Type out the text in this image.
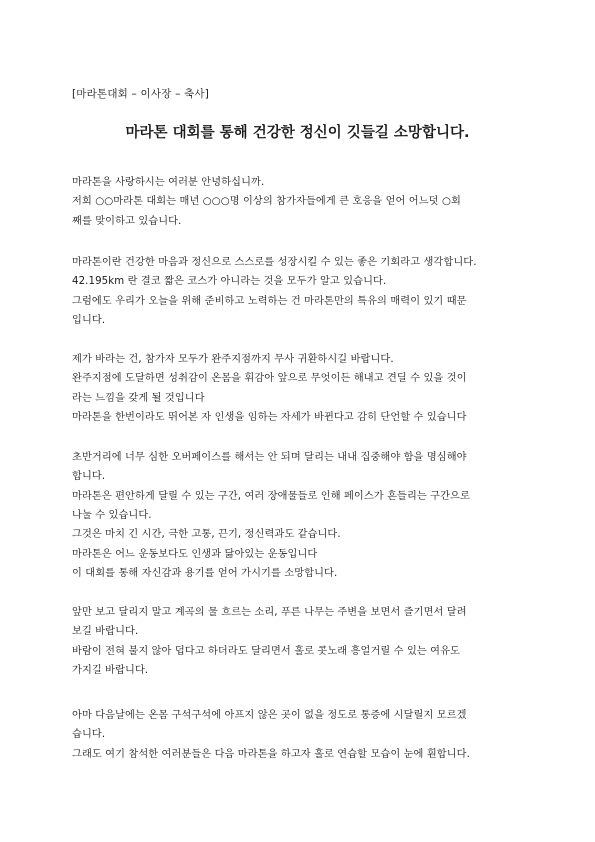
[마라톤대회 – 이사장 – 축사]
마라톤 대회를 통해 건강한 정신이 깃들길 소망합니다.
마라톤을 사랑하시는 여러분 안녕하십니까.
저희 ○○마라톤 대회는 매년 ○○○명 이상의 참가자들에게 큰 호응을 얻어 어느덧 ○회
째를 맞이하고 있습니다.
마라톤이란 건강한 마음과 정신으로 스스로를 성장시킬 수 있는 좋은 기회라고 생각합니다.
42.195km 란 결코 짧은 코스가 아니라는 것을 모두가 알고 있습니다.
그럼에도 우리가 오늘을 위해 준비하고 노력하는 건 마라톤만의 특유의 매력이 있기 때문
입니다.
제가 바라는 건, 참가자 모두가 완주지점까지 무사 귀환하시길 바랍니다.
완주지점에 도달하면 성취감이 온몸을 휘감아 앞으로 무엇이든 해내고 견딜 수 있을 것이
라는 느낌을 갖게 될 것입니다
마라톤을 한번이라도 뛰어본 자 인생을 임하는 자세가 바뀐다고 감히 단언할 수 있습니다
초반거리에 너무 심한 오버페이스를 해서는 안 되며 달리는 내내 집중해야 함을 명심해야
합니다.
마라톤은 편안하게 달릴 수 있는 구간, 여러 장애물들로 인해 페이스가 흔들리는 구간으로
나눌 수 있습니다.
그것은 마치 긴 시간, 극한 고통, 끈기, 정신력과도 같습니다.
마라톤은 어느 운동보다도 인생과 닮아있는 운동입니다
이 대회를 통해 자신감과 용기를 얻어 가시기를 소망합니다.
앞만 보고 달리지 말고 계곡의 물 흐르는 소리, 푸른 나무는 주변을 보면서 즐기면서 달려
보길 바랍니다.
바람이 전혀 불지 않아 덥다고 하더라도 달리면서 홀로 콧노래 흥얼거릴 수 있는 여유도
가지길 바랍니다.
아마 다음날에는 온몸 구석구석에 아프지 않은 곳이 없을 정도로 통증에 시달릴지 모르겠
습니다.
그래도 여기 참석한 여러분들은 다음 마라톤을 하고자 홀로 연습할 모습이 눈에 훤합니다.
